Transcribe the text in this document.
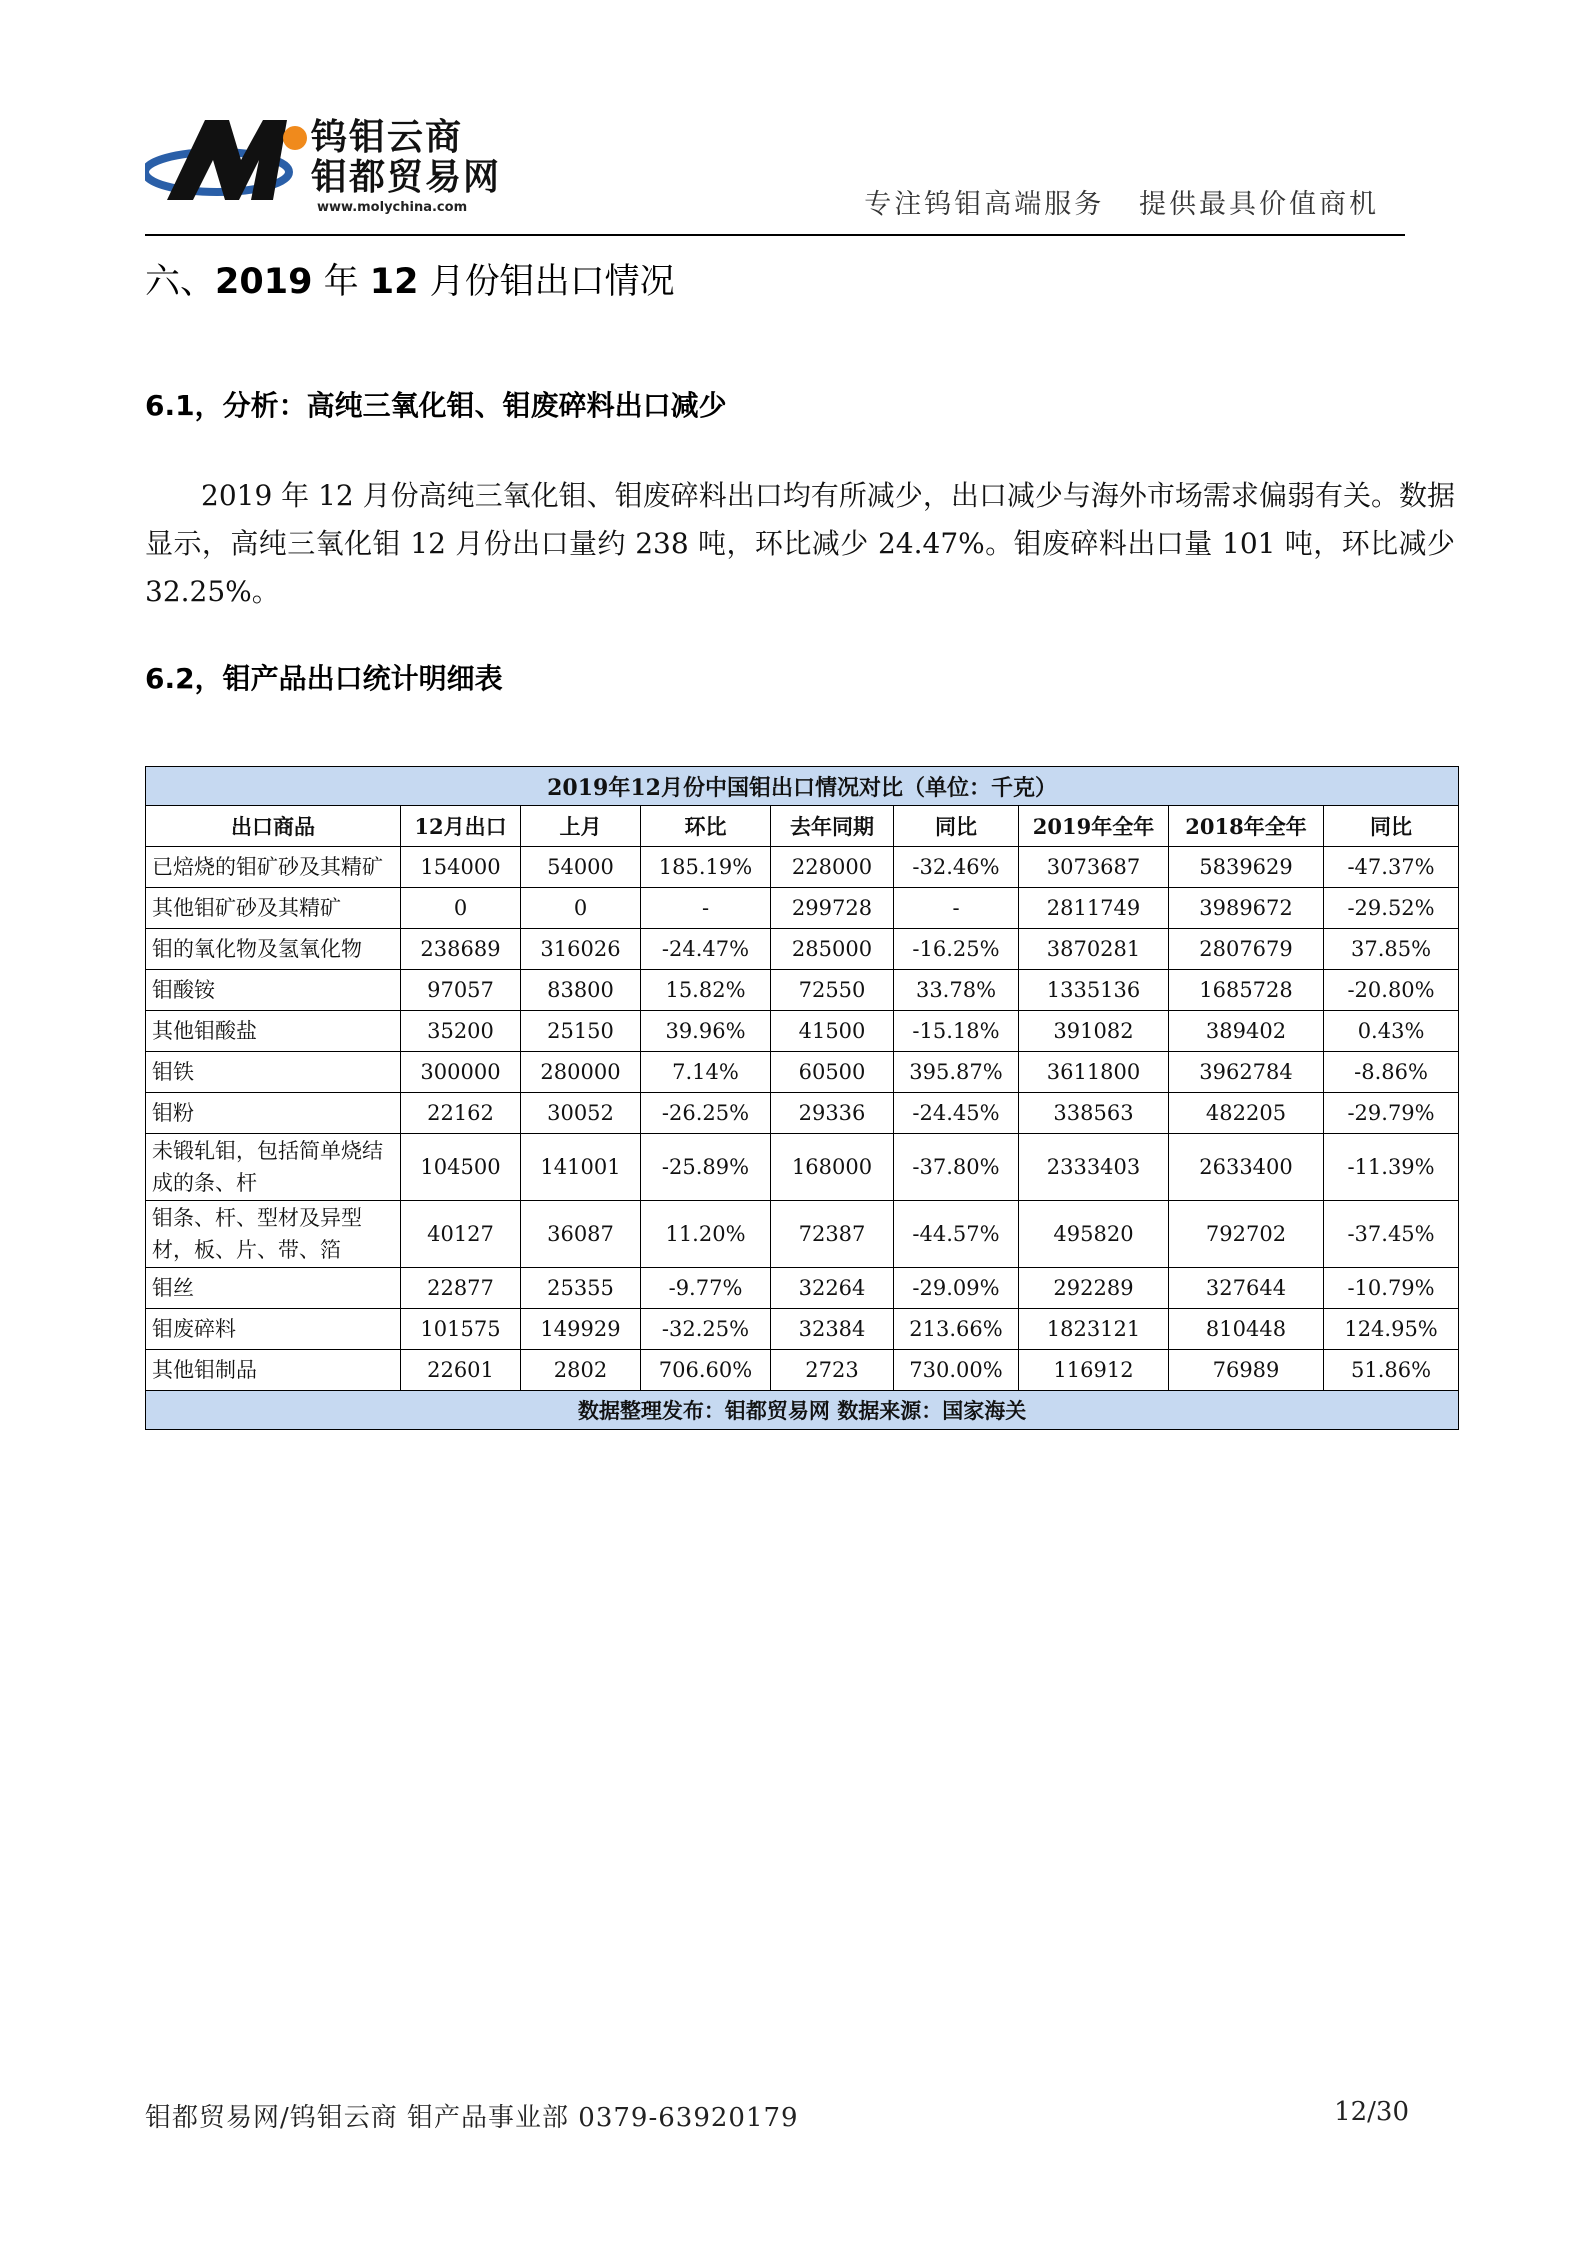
钨钼云商
钼都贸易网
www.molychina.com	专注钨钼高端服务   提供最具价值商机
六、2019 年 12 月份钼出口情况
6.1，分析：高纯三氧化钼、钼废碎料出口减少
2019 年 12 月份高纯三氧化钼、钼废碎料出口均有所减少，出口减少与海外市场需求偏弱有关。数据显示，高纯三氧化钼 12 月份出口量约 238 吨，环比减少 24.47%。钼废碎料出口量 101 吨，环比减少 32.25%。
6.2，钼产品出口统计明细表
2019年12月份中国钼出口情况对比（单位：千克）								
出口商品	12月出口	上月	环比	去年同期	同比	2019年全年	2018年全年	同比
已焙烧的钼矿砂及其精矿	154000	54000	185.19%	228000	-32.46%	3073687	5839629	-47.37%
其他钼矿砂及其精矿	0	0	-	299728	-	2811749	3989672	-29.52%
钼的氧化物及氢氧化物	238689	316026	-24.47%	285000	-16.25%	3870281	2807679	37.85%
钼酸铵	97057	83800	15.82%	72550	33.78%	1335136	1685728	-20.80%
其他钼酸盐	35200	25150	39.96%	41500	-15.18%	391082	389402	0.43%
钼铁	300000	280000	7.14%	60500	395.87%	3611800	3962784	-8.86%
钼粉	22162	30052	-26.25%	29336	-24.45%	338563	482205	-29.79%
未锻轧钼，包括简单烧结成的条、杆	104500	141001	-25.89%	168000	-37.80%	2333403	2633400	-11.39%
钼条、杆、型材及异型材，板、片、带、箔	40127	36087	11.20%	72387	-44.57%	495820	792702	-37.45%
钼丝	22877	25355	-9.77%	32264	-29.09%	292289	327644	-10.79%
钼废碎料	101575	149929	-32.25%	32384	213.66%	1823121	810448	124.95%
其他钼制品	22601	2802	706.60%	2723	730.00%	116912	76989	51.86%
数据整理发布：钼都贸易网 数据来源：国家海关								
钼都贸易网/钨钼云商 钼产品事业部 0379-63920179	12/30
